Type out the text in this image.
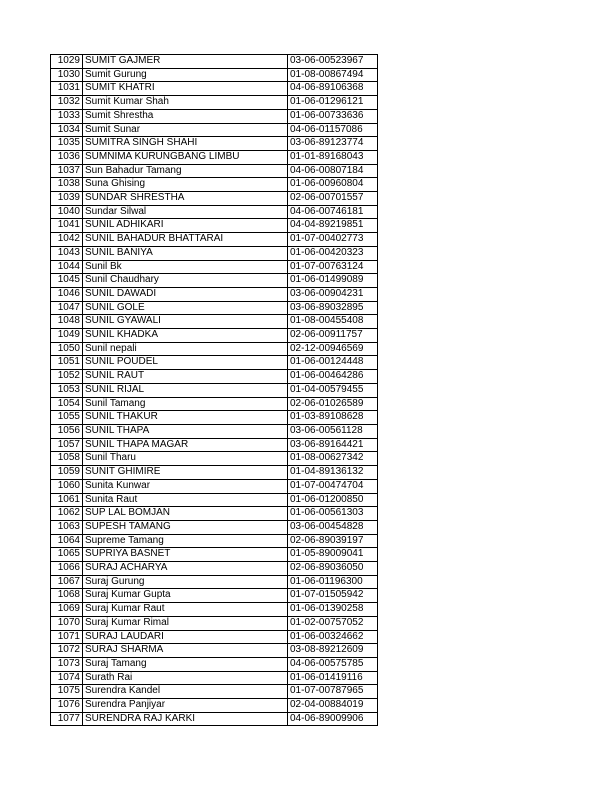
1029	SUMIT GAJMER	03-06-00523967
1030	Sumit Gurung	01-08-00867494
1031	SUMIT KHATRI	04-06-89106368
1032	Sumit Kumar Shah	01-06-01296121
1033	Sumit Shrestha	01-06-00733636
1034	Sumit Sunar	04-06-01157086
1035	SUMITRA SINGH SHAHI	03-06-89123774
1036	SUMNIMA KURUNGBANG LIMBU	01-01-89168043
1037	Sun Bahadur Tamang	04-06-00807184
1038	Suna Ghising	01-06-00960804
1039	SUNDAR SHRESTHA	02-06-00701557
1040	Sundar Silwal	04-06-00746181
1041	SUNIL ADHIKARI	04-04-89219851
1042	SUNIL BAHADUR BHATTARAI	01-07-00402773
1043	SUNIL BANIYA	01-06-00420323
1044	Sunil Bk	01-07-00763124
1045	Sunil Chaudhary	01-06-01499089
1046	SUNIL DAWADI	03-06-00904231
1047	SUNIL GOLE	03-06-89032895
1048	SUNIL GYAWALI	01-08-00455408
1049	SUNIL KHADKA	02-06-00911757
1050	Sunil nepali	02-12-00946569
1051	SUNIL POUDEL	01-06-00124448
1052	SUNIL RAUT	01-06-00464286
1053	SUNIL RIJAL	01-04-00579455
1054	Sunil Tamang	02-06-01026589
1055	SUNIL THAKUR	01-03-89108628
1056	SUNIL THAPA	03-06-00561128
1057	SUNIL THAPA MAGAR	03-06-89164421
1058	Sunil Tharu	01-08-00627342
1059	SUNIT GHIMIRE	01-04-89136132
1060	Sunita Kunwar	01-07-00474704
1061	Sunita Raut	01-06-01200850
1062	SUP LAL BOMJAN	01-06-00561303
1063	SUPESH TAMANG	03-06-00454828
1064	Supreme Tamang	02-06-89039197
1065	SUPRIYA BASNET	01-05-89009041
1066	SURAJ ACHARYA	02-06-89036050
1067	Suraj Gurung	01-06-01196300
1068	Suraj Kumar Gupta	01-07-01505942
1069	Suraj Kumar Raut	01-06-01390258
1070	Suraj Kumar Rimal	01-02-00757052
1071	SURAJ LAUDARI	01-06-00324662
1072	SURAJ SHARMA	03-08-89212609
1073	Suraj Tamang	04-06-00575785
1074	Surath Rai	01-06-01419116
1075	Surendra Kandel	01-07-00787965
1076	Surendra Panjiyar	02-04-00884019
1077	SURENDRA RAJ KARKI	04-06-89009906
